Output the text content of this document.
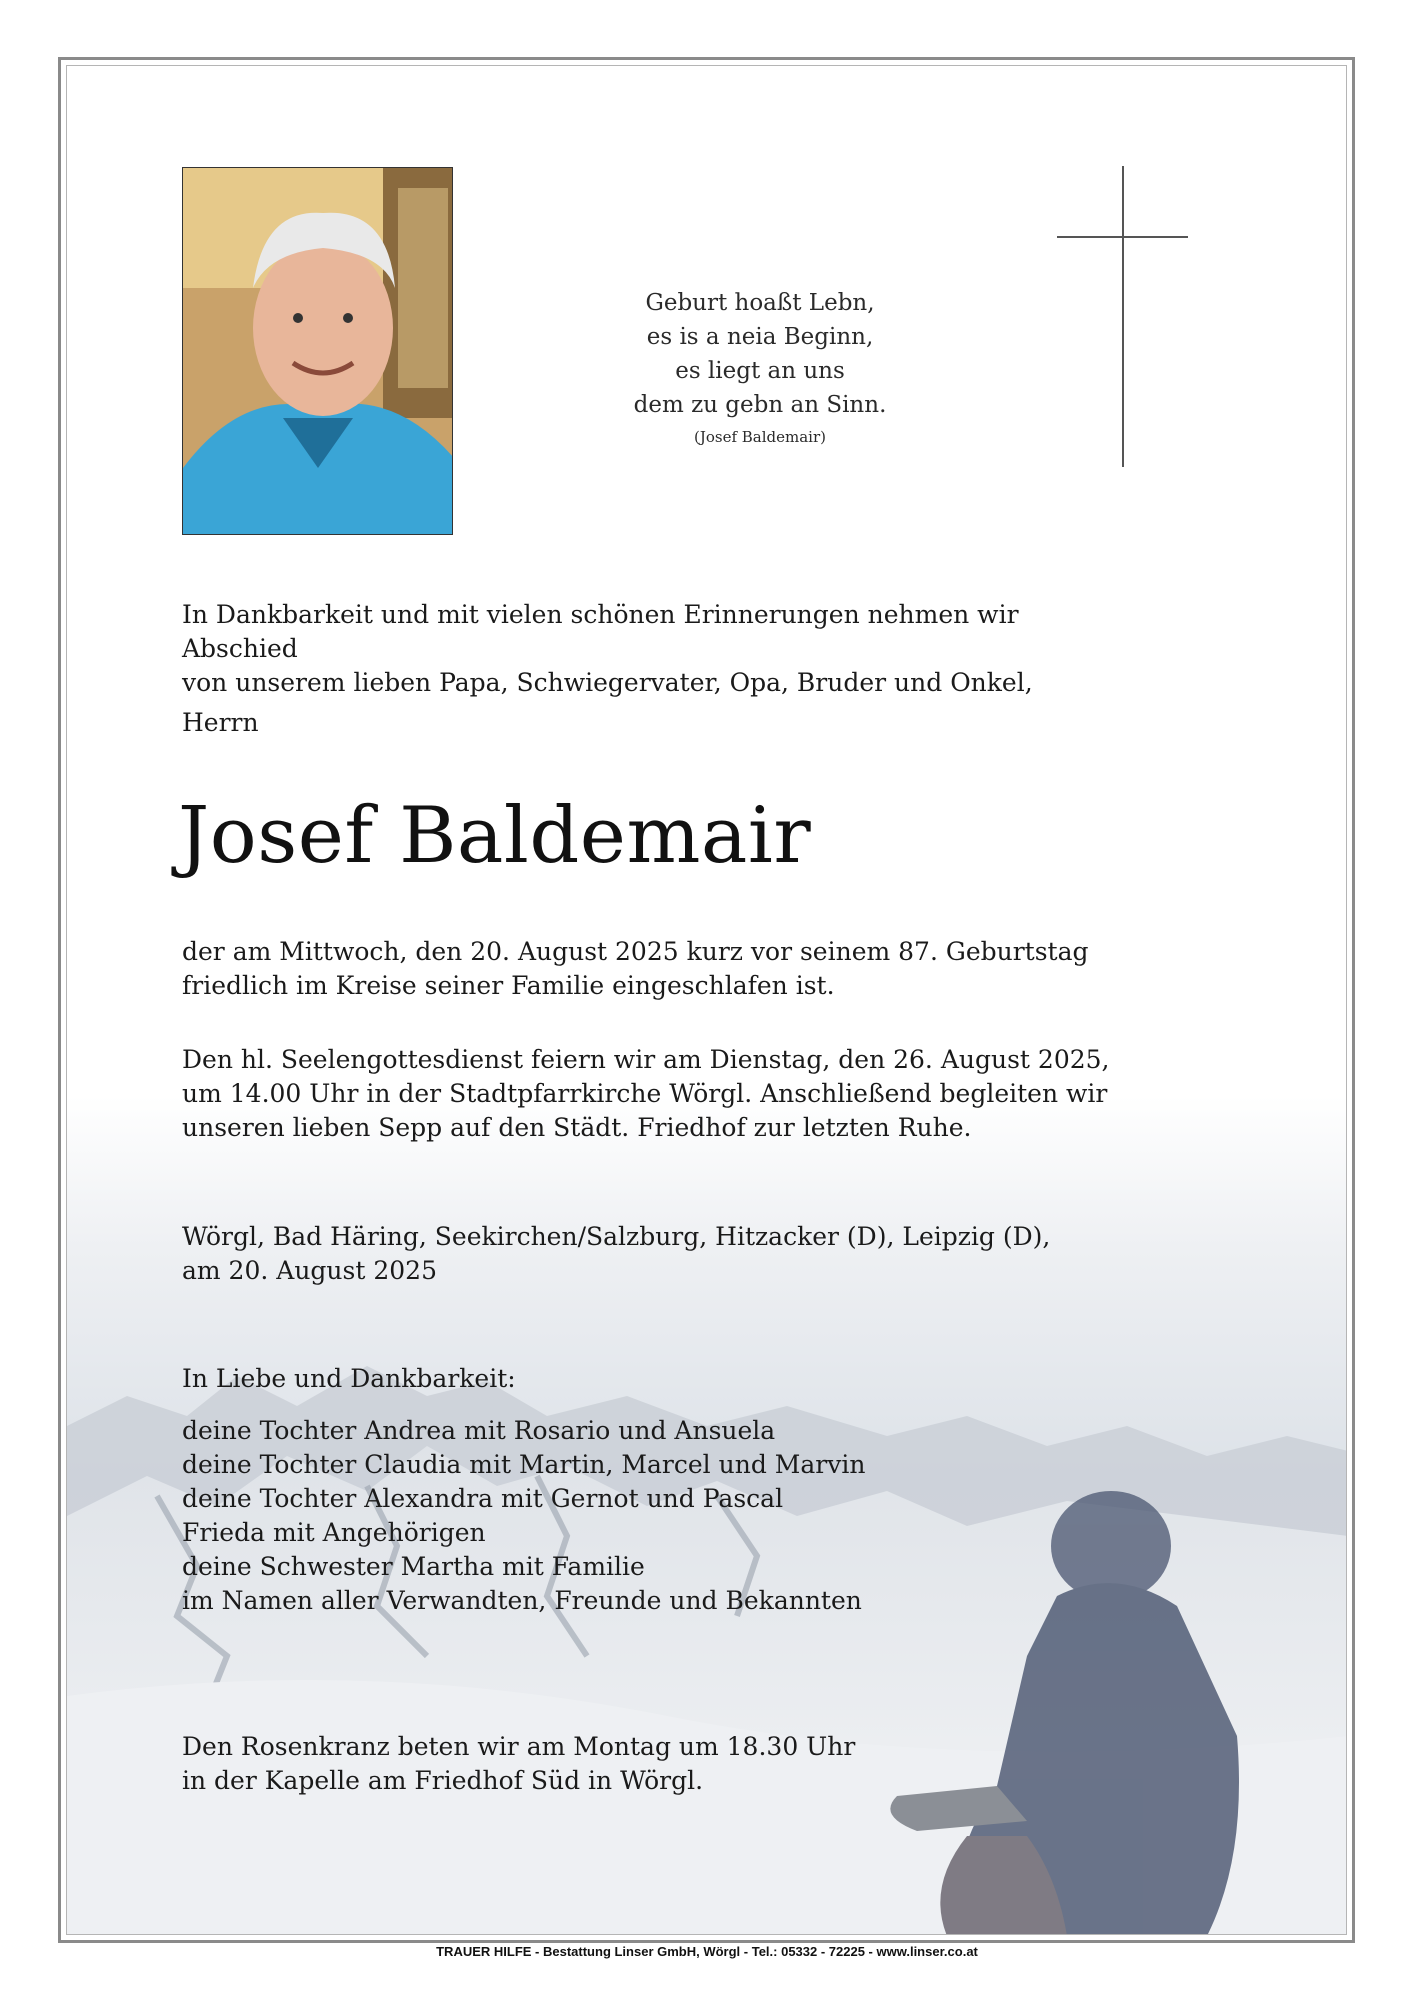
Geburt hoaßt Lebn,
es is a neia Beginn,
es liegt an uns
dem zu gebn an Sinn.
(Josef Baldemair)
In Dankbarkeit und mit vielen schönen Erinnerungen nehmen wir Abschied
von unserem lieben Papa, Schwiegervater, Opa, Bruder und Onkel,
Herrn
Josef Baldemair
der am Mittwoch, den 20. August 2025 kurz vor seinem 87. Geburtstag
friedlich im Kreise seiner Familie eingeschlafen ist.
Den hl. Seelengottesdienst feiern wir am Dienstag, den 26. August 2025,
um 14.00 Uhr in der Stadtpfarrkirche Wörgl. Anschließend begleiten wir
unseren lieben Sepp auf den Städt. Friedhof zur letzten Ruhe.
Wörgl, Bad Häring, Seekirchen/Salzburg, Hitzacker (D), Leipzig (D),
am 20. August 2025
In Liebe und Dankbarkeit:
deine Tochter Andrea mit Rosario und Ansuela
deine Tochter Claudia mit Martin, Marcel und Marvin
deine Tochter Alexandra mit Gernot und Pascal
Frieda mit Angehörigen
deine Schwester Martha mit Familie
im Namen aller Verwandten, Freunde und Bekannten
Den Rosenkranz beten wir am Montag um 18.30 Uhr
in der Kapelle am Friedhof Süd in Wörgl.
TRAUER HILFE - Bestattung Linser GmbH, Wörgl - Tel.: 05332 - 72225 - www.linser.co.at
